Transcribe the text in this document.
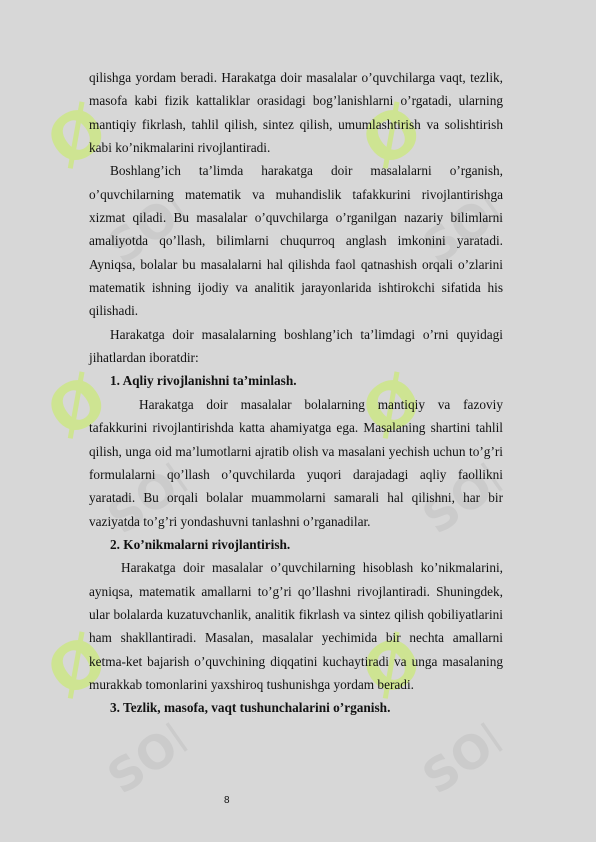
Ø
SOFT
Ø
SOFT
Ø
SOFT
Ø
SOFT
Ø
SOFT
Ø
SOFT

qilishga yordam beradi. Harakatga doir masalalar o’quvchilarga vaqt, tezlik, masofa kabi fizik kattaliklar orasidagi bog’lanishlarni o’rgatadi, ularning mantiqiy fikrlash, tahlil qilish, sintez qilish, umumlashtirish va solishtirish kabi ko’nikmalarini rivojlantiradi.

Boshlang’ich ta’limda harakatga doir masalalarni o’rganish, o’quvchilarning matematik va muhandislik tafakkurini rivojlantirishga xizmat qiladi. Bu masalalar o’quvchilarga o’rganilgan nazariy bilimlarni amaliyotda qo’llash, bilimlarni chuqurroq anglash imkonini yaratadi. Ayniqsa, bolalar bu masalalarni hal qilishda faol qatnashish orqali o’zlarini matematik ishning ijodiy va analitik jarayonlarida ishtirokchi sifatida his qilishadi.

Harakatga doir masalalarning boshlang’ich ta’limdagi o’rni quyidagi jihatlardan iboratdir:

1. Aqliy rivojlanishni ta’minlash.

Harakatga doir masalalar bolalarning mantiqiy va fazoviy tafakkurini rivojlantirishda katta ahamiyatga ega. Masalaning shartini tahlil qilish, unga oid ma’lumotlarni ajratib olish va masalani yechish uchun to’g’ri formulalarni qo’llash o’quvchilarda yuqori darajadagi aqliy faollikni yaratadi. Bu orqali bolalar muammolarni samarali hal qilishni, har bir vaziyatda to’g’ri yondashuvni tanlashni o’rganadilar.

2. Ko’nikmalarni rivojlantirish.

Harakatga doir masalalar o’quvchilarning hisoblash ko’nikmalarini, ayniqsa, matematik amallarni to’g’ri qo’llashni rivojlantiradi. Shuningdek, ular bolalarda kuzatuvchanlik, analitik fikrlash va sintez qilish qobiliyatlarini ham shakllantiradi. Masalan, masalalar yechimida bir nechta amallarni ketma-ket bajarish o’quvchining diqqatini kuchaytiradi va unga masalaning murakkab tomonlarini yaxshiroq tushunishga yordam beradi.

3. Tezlik, masofa, vaqt tushunchalarini o’rganish.

8
